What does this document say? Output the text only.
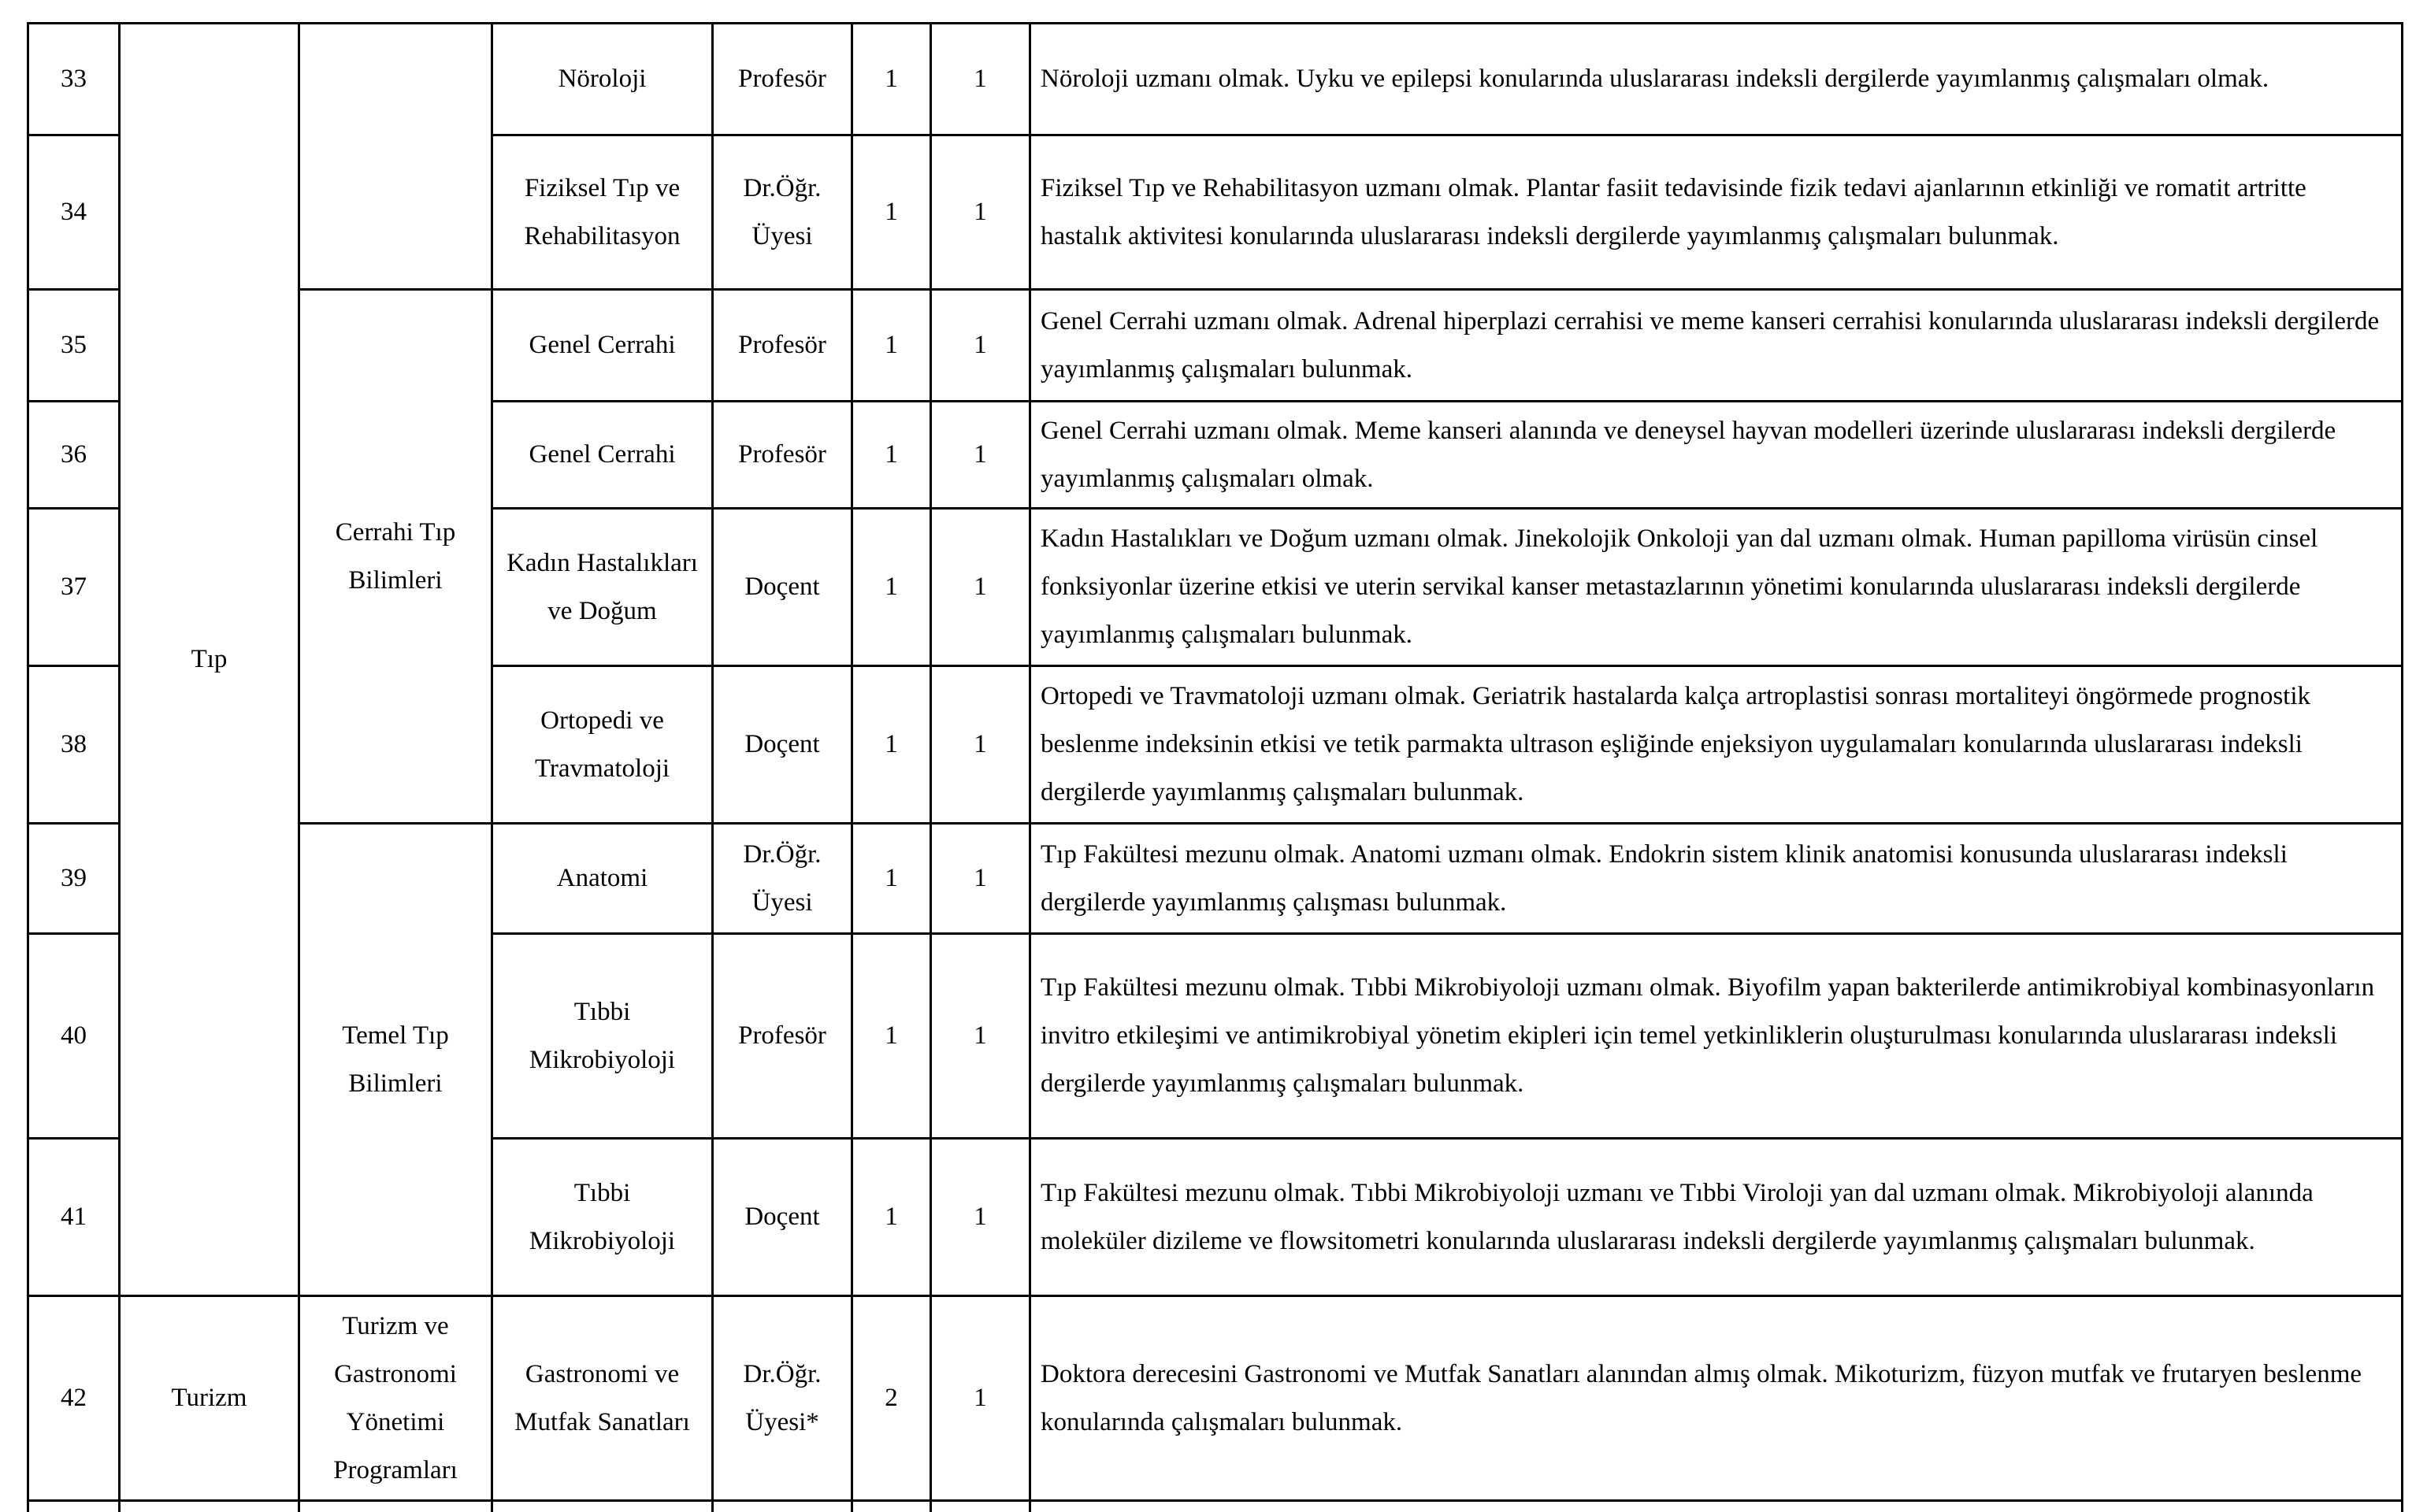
33	Tıp		Nöroloji	Profesör	1	1	Nöroloji uzmanı olmak. Uyku ve epilepsi konularında uluslararası indeksli dergilerde yayımlanmış çalışmaları olmak.
34			Fiziksel Tıp ve Rehabilitasyon	Dr.Öğr. Üyesi	1	1	Fiziksel Tıp ve Rehabilitasyon uzmanı olmak. Plantar fasiit tedavisinde fizik tedavi ajanlarının etkinliği ve romatit artritte hastalık aktivitesi konularında uluslararası indeksli dergilerde yayımlanmış çalışmaları bulunmak.
35		Cerrahi Tıp Bilimleri	Genel Cerrahi	Profesör	1	1	Genel Cerrahi uzmanı olmak. Adrenal hiperplazi cerrahisi ve meme kanseri cerrahisi konularında uluslararası indeksli dergilerde yayımlanmış çalışmaları bulunmak.
36			Genel Cerrahi	Profesör	1	1	Genel Cerrahi uzmanı olmak. Meme kanseri alanında ve deneysel hayvan modelleri üzerinde uluslararası indeksli dergilerde yayımlanmış çalışmaları olmak.
37			Kadın Hastalıkları ve Doğum	Doçent	1	1	Kadın Hastalıkları ve Doğum uzmanı olmak. Jinekolojik Onkoloji yan dal uzmanı olmak. Human papilloma virüsün cinsel fonksiyonlar üzerine etkisi ve uterin servikal kanser metastazlarının yönetimi konularında uluslararası indeksli dergilerde yayımlanmış çalışmaları bulunmak.
38			Ortopedi ve Travmatoloji	Doçent	1	1	Ortopedi ve Travmatoloji uzmanı olmak. Geriatrik hastalarda kalça artroplastisi sonrası mortaliteyi öngörmede prognostik beslenme indeksinin etkisi ve tetik parmakta ultrason eşliğinde enjeksiyon uygulamaları konularında uluslararası indeksli dergilerde yayımlanmış çalışmaları bulunmak.
39		Temel Tıp Bilimleri	Anatomi	Dr.Öğr. Üyesi	1	1	Tıp Fakültesi mezunu olmak. Anatomi uzmanı olmak. Endokrin sistem klinik anatomisi konusunda uluslararası indeksli dergilerde yayımlanmış çalışması bulunmak.
40			Tıbbi Mikrobiyoloji	Profesör	1	1	Tıp Fakültesi mezunu olmak. Tıbbi Mikrobiyoloji uzmanı olmak. Biyofilm yapan bakterilerde antimikrobiyal kombinasyonların invitro etkileşimi ve antimikrobiyal yönetim ekipleri için temel yetkinliklerin oluşturulması konularında uluslararası indeksli dergilerde yayımlanmış çalışmaları bulunmak.
41			Tıbbi Mikrobiyoloji	Doçent	1	1	Tıp Fakültesi mezunu olmak. Tıbbi Mikrobiyoloji uzmanı ve Tıbbi Viroloji yan dal uzmanı olmak. Mikrobiyoloji alanında moleküler dizileme ve flowsitometri konularında uluslararası indeksli dergilerde yayımlanmış çalışmaları bulunmak.
42	Turizm	Turizm ve Gastronomi Yönetimi Programları	Gastronomi ve Mutfak Sanatları	Dr.Öğr. Üyesi*	2	1	Doktora derecesini Gastronomi ve Mutfak Sanatları alanından almış olmak. Mikoturizm, füzyon mutfak ve frutaryen beslenme konularında çalışmaları bulunmak.
